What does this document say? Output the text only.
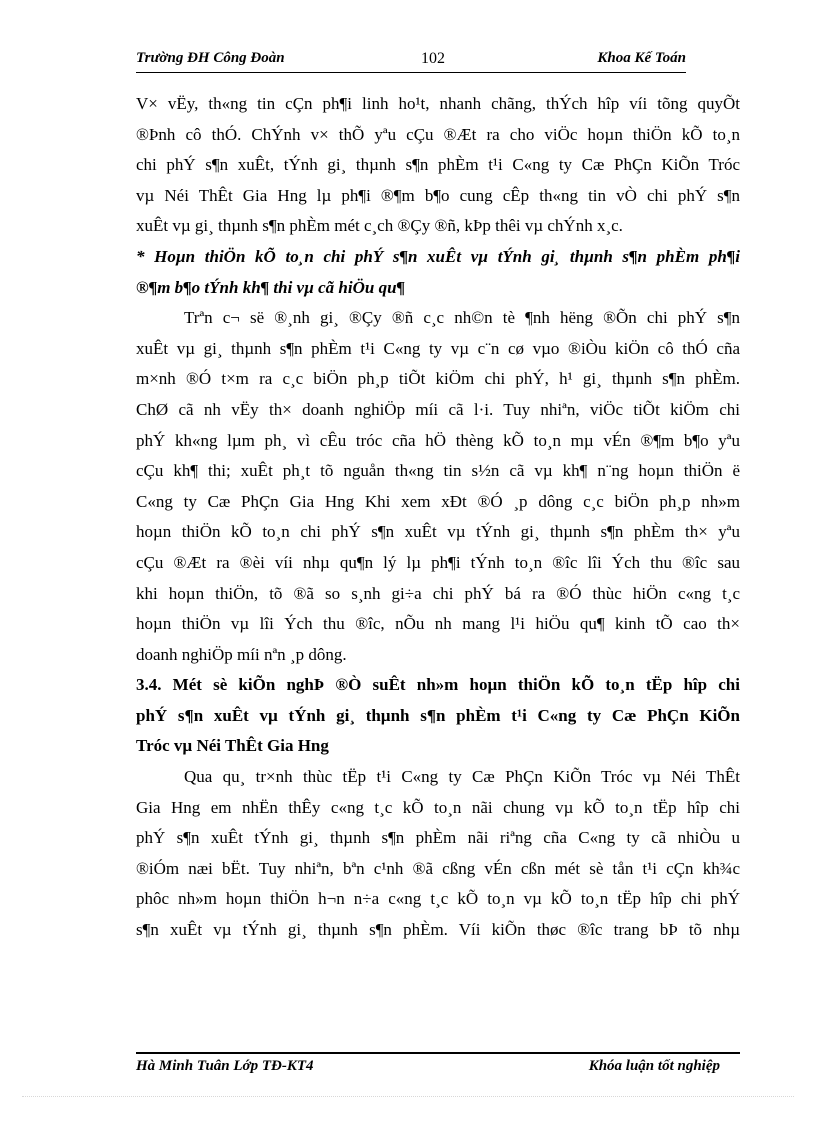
Trường ĐH Công Đoàn	102	Khoa Kế Toán
V× vËy, th«ng tin cÇn ph¶i linh ho¹t, nhanh chãng, thÝch hîp víi tõng quyÕt
®Þnh cô thÓ. ChÝnh v× thÕ yªu cÇu ®Æt ra cho viÖc hoµn thiÖn kÕ to¸n
chi phÝ s¶n xuÊt, tÝnh gi¸ thµnh s¶n phÈm t¹i C«ng ty Cæ PhÇn KiÕn Tróc
vµ Néi ThÊt Gia Hng lµ ph¶i ®¶m b¶o cung cÊp th«ng tin vÒ chi phÝ s¶n
xuÊt vµ gi¸ thµnh s¶n phÈm mét c¸ch ®Çy ®ñ, kÞp thêi vµ chÝnh x¸c.
* Hoµn thiÖn kÕ to¸n chi phÝ s¶n xuÊt vµ tÝnh gi¸ thµnh s¶n phÈm ph¶i
®¶m b¶o tÝnh kh¶ thi vµ cã hiÖu qu¶
Trªn c¬ së ®¸nh gi¸ ®Çy ®ñ c¸c nh©n tè ¶nh hëng ®Õn chi phÝ s¶n
xuÊt vµ gi¸ thµnh s¶n phÈm t¹i C«ng ty vµ c¨n cø vµo ®iÒu kiÖn cô thÓ cña
m×nh ®Ó t×m ra c¸c biÖn ph¸p tiÕt kiÖm chi phÝ, h¹ gi¸ thµnh s¶n phÈm.
ChØ cã nh vËy th× doanh nghiÖp míi cã l·i. Tuy nhiªn, viÖc tiÕt kiÖm chi
phÝ kh«ng lµm ph¸ vì cÊu tróc cña hÖ thèng kÕ to¸n mµ vÉn ®¶m b¶o yªu
cÇu kh¶ thi; xuÊt ph¸t tõ nguån th«ng tin s½n cã vµ kh¶ n¨ng hoµn thiÖn ë
C«ng ty Cæ PhÇn Gia Hng Khi xem xÐt ®Ó ¸p dông c¸c biÖn ph¸p nh»m
hoµn thiÖn kÕ to¸n chi phÝ s¶n xuÊt vµ tÝnh gi¸ thµnh s¶n phÈm th× yªu
cÇu ®Æt ra ®èi víi nhµ qu¶n lý lµ ph¶i tÝnh to¸n ®îc lîi Ých thu ®îc sau
khi hoµn thiÖn, tõ ®ã so s¸nh gi÷a chi phÝ bá ra ®Ó thùc hiÖn c«ng t¸c
hoµn thiÖn vµ lîi Ých thu ®îc, nÕu nh mang l¹i hiÖu qu¶ kinh tÕ cao th×
doanh nghiÖp míi nªn ¸p dông.
3.4. Mét sè kiÕn nghÞ ®Ò suÊt nh»m hoµn thiÖn kÕ to¸n tËp hîp chi
phÝ s¶n xuÊt vµ tÝnh gi¸ thµnh s¶n phÈm t¹i C«ng ty Cæ PhÇn KiÕn
Tróc vµ Néi ThÊt Gia Hng
Qua qu¸ tr×nh thùc tËp t¹i C«ng ty Cæ PhÇn KiÕn Tróc vµ Néi ThÊt
Gia Hng em nhËn thÊy c«ng t¸c kÕ to¸n nãi chung vµ kÕ to¸n tËp hîp chi
phÝ s¶n xuÊt tÝnh gi¸ thµnh s¶n phÈm nãi riªng cña C«ng ty cã nhiÒu u
®iÓm næi bËt. Tuy nhiªn, bªn c¹nh ®ã cßng vÉn cßn mét sè tån t¹i cÇn kh¾c
phôc nh»m hoµn thiÖn h¬n n÷a c«ng t¸c kÕ to¸n vµ kÕ to¸n tËp hîp chi phÝ
s¶n xuÊt vµ tÝnh gi¸ thµnh s¶n phÈm. Víi kiÕn thøc ®îc trang bÞ tõ nhµ
Hà Minh Tuân Lớp TĐ-KT4	Khóa luận tốt nghiệp
